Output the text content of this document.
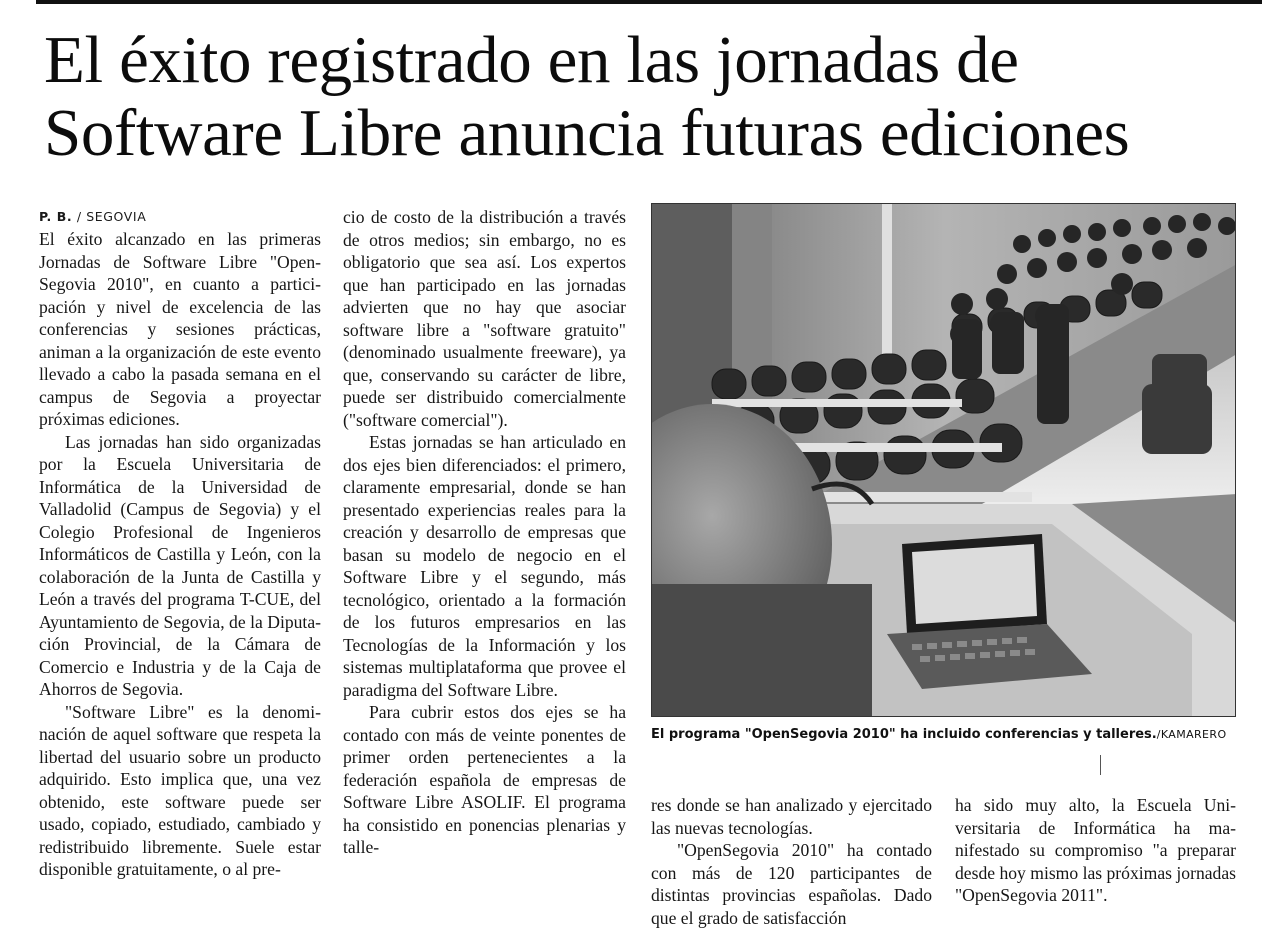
El éxito registrado en las jornadas de
Software Libre anuncia futuras ediciones
P. B. / SEGOVIA

El éxito alcanzado en las primeras Jornadas de Software Libre "OpenSegovia 2010", en cuanto a participación y nivel de excelencia de las conferencias y sesiones prácticas, animan a la organización de este evento llevado a cabo la pasada semana en el campus de Segovia a proyectar próximas ediciones.

Las jornadas han sido organizadas por la Escuela Universitaria de Informática de la Universidad de Valladolid (Campus de Segovia) y el Colegio Profesional de Ingenieros Informáticos de Castilla y León, con la colaboración de la Junta de Castilla y León a través del programa T-CUE, del Ayuntamiento de Segovia, de la Diputación Provincial, de la Cámara de Comercio e Industria y de la Caja de Ahorros de Segovia.

"Software Libre" es la denominación de aquel software que respeta la libertad del usuario sobre un producto adquirido. Esto implica que, una vez obtenido, este software puede ser usado, copiado, estudiado, cambiado y redistribuido libremente. Suele estar disponible gratuitamente, o al pre-

cio de costo de la distribución a través de otros medios; sin embargo, no es obligatorio que sea así. Los expertos que han participado en las jornadas advierten que no hay que asociar software libre a "software gratuito" (denominado usualmente freeware), ya que, conservando su carácter de libre, puede ser distribuido comercialmente ("software comercial").

Estas jornadas se han articulado en dos ejes bien diferenciados: el primero, claramente empresarial, donde se han presentado experiencias reales para la creación y desarrollo de empresas que basan su modelo de negocio en el Software Libre y el segundo, más tecnológico, orientado a la formación de los futuros empresarios en las Tecnologías de la Información y los sistemas multiplataforma que provee el paradigma del Software Libre.

Para cubrir estos dos ejes se ha contado con más de veinte ponentes de primer orden pertenecientes a la federación española de empresas de Software Libre ASOLIF. El programa ha consistido en ponencias plenarias y talle-

El programa "OpenSegovia 2010" ha incluido conferencias y talleres./KAMARERO

res donde se han analizado y ejercitado las nuevas tecnologías.

"OpenSegovia 2010" ha contado con más de 120 participantes de distintas provincias españolas. Dado que el grado de satisfacción

ha sido muy alto, la Escuela Universitaria de Informática ha manifestado su compromiso "a preparar desde hoy mismo las próximas jornadas "OpenSegovia 2011".
